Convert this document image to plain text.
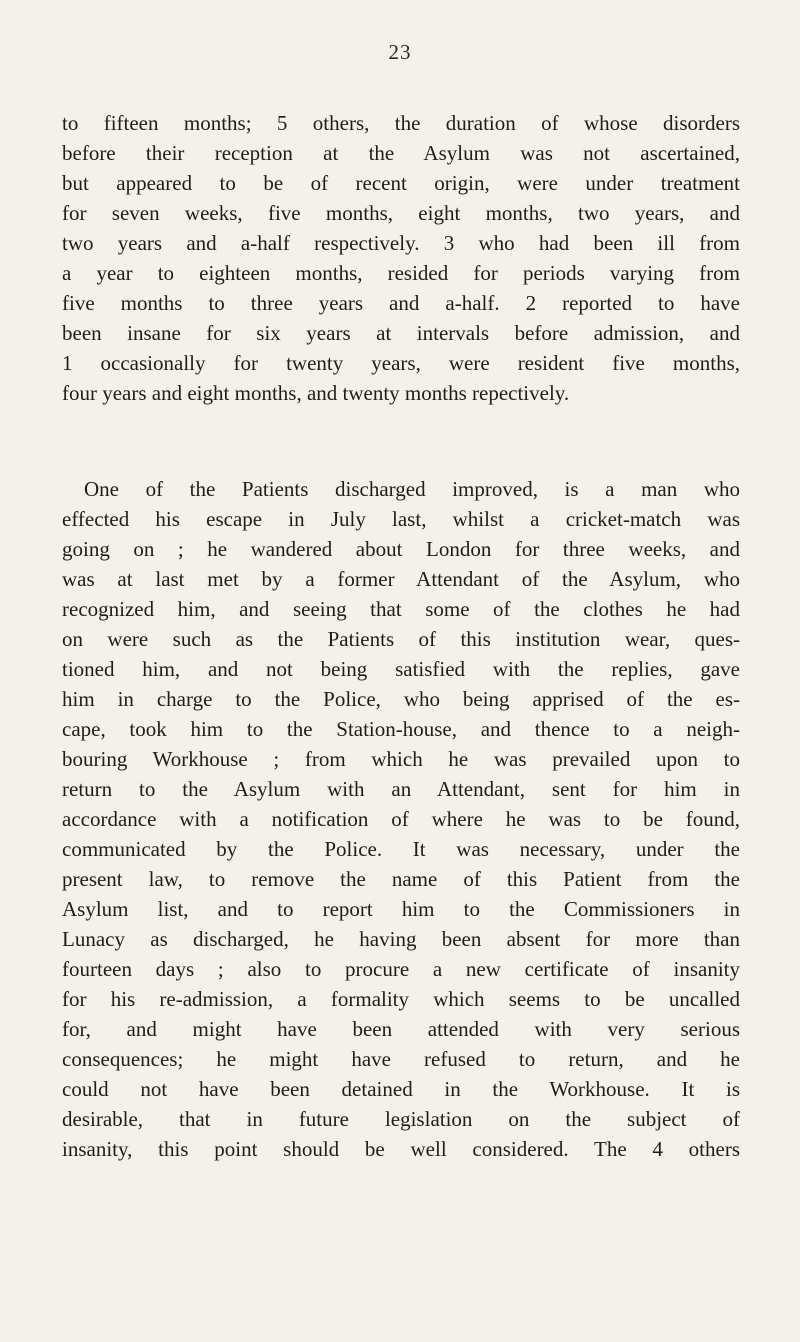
23
to fifteen months; 5 others, the duration of whose disorders
before their reception at the Asylum was not ascertained,
but appeared to be of recent origin, were under treatment
for seven weeks, five months, eight months, two years, and
two years and a-half respectively. 3 who had been ill from
a year to eighteen months, resided for periods varying from
five months to three years and a-half. 2 reported to have
been insane for six years at intervals before admission, and
1 occasionally for twenty years, were resident five months,
four years and eight months, and twenty months repectively.
One of the Patients discharged improved, is a man who
effected his escape in July last, whilst a cricket-match was
going on ; he wandered about London for three weeks, and
was at last met by a former Attendant of the Asylum, who
recognized him, and seeing that some of the clothes he had
on were such as the Patients of this institution wear, ques-
tioned him, and not being satisfied with the replies, gave
him in charge to the Police, who being apprised of the es-
cape, took him to the Station-house, and thence to a neigh-
bouring Workhouse ; from which he was prevailed upon to
return to the Asylum with an Attendant, sent for him in
accordance with a notification of where he was to be found,
communicated by the Police. It was necessary, under the
present law, to remove the name of this Patient from the
Asylum list, and to report him to the Commissioners in
Lunacy as discharged, he having been absent for more than
fourteen days ; also to procure a new certificate of insanity
for his re-admission, a formality which seems to be uncalled
for, and might have been attended with very serious
consequences; he might have refused to return, and he
could not have been detained in the Workhouse. It is
desirable, that in future legislation on the subject of
insanity, this point should be well considered. The 4 others
